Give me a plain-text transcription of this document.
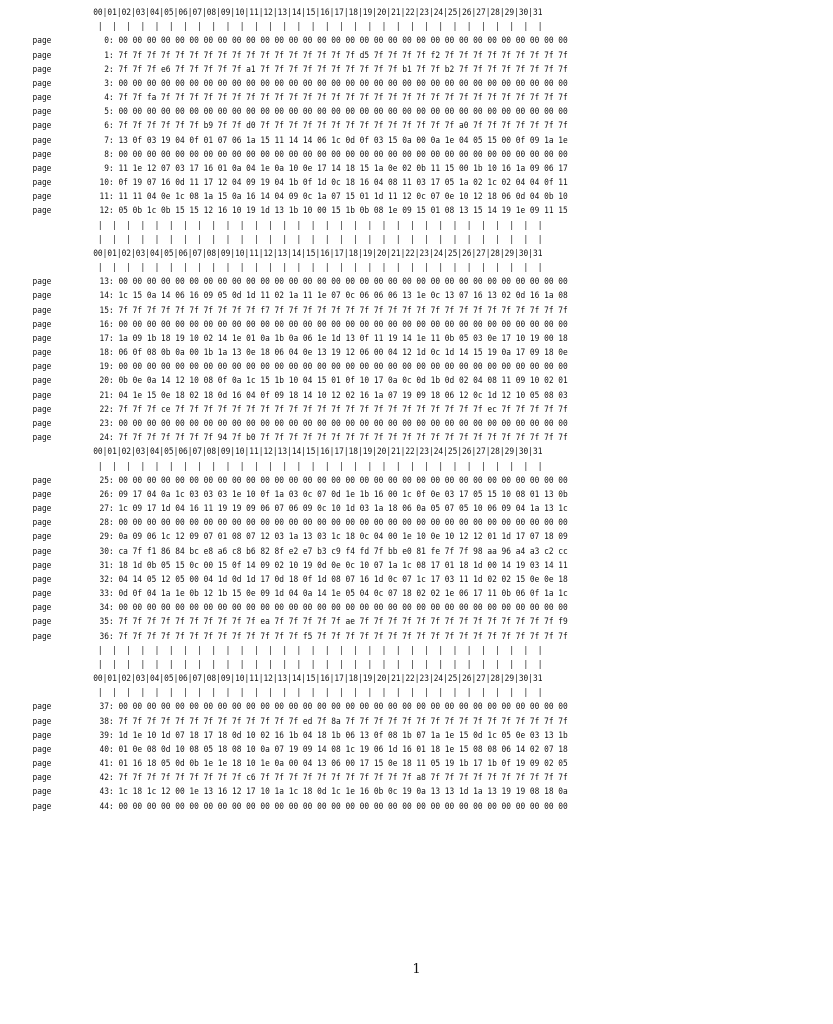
00|01|02|03|04|05|06|07|08|09|10|11|12|13|14|15|16|17|18|19|20|21|22|23|24|25|26|27|28|29|30|31
|  |  |  |  |  |  |  |  |  |  |  |  |  |  |  |  |  |  |  |  |  |  |  |  |  |  |  |  |  |  |  |
page	0: 00 00 00 00 00 00 00 00 00 00 00 00 00 00 00 00 00 00 00 00 00 00 00 00 00 00 00 00 00 00 00 00
page	1: 7f 7f 7f 7f 7f 7f 7f 7f 7f 7f 7f 7f 7f 7f 7f 7f 7f d5 7f 7f 7f 7f f2 7f 7f 7f 7f 7f 7f 7f 7f 7f
page	2: 7f 7f 7f e6 7f 7f 7f 7f 7f a1 7f 7f 7f 7f 7f 7f 7f 7f 7f 7f b1 7f 7f b2 7f 7f 7f 7f 7f 7f 7f 7f
page	3: 00 00 00 00 00 00 00 00 00 00 00 00 00 00 00 00 00 00 00 00 00 00 00 00 00 00 00 00 00 00 00 00
page	4: 7f 7f fa 7f 7f 7f 7f 7f 7f 7f 7f 7f 7f 7f 7f 7f 7f 7f 7f 7f 7f 7f 7f 7f 7f 7f 7f 7f 7f 7f 7f 7f
page	5: 00 00 00 00 00 00 00 00 00 00 00 00 00 00 00 00 00 00 00 00 00 00 00 00 00 00 00 00 00 00 00 00
page	6: 7f 7f 7f 7f 7f 7f b9 7f 7f d0 7f 7f 7f 7f 7f 7f 7f 7f 7f 7f 7f 7f 7f 7f a0 7f 7f 7f 7f 7f 7f 7f
page	7: 13 0f 03 19 04 0f 01 07 06 1a 15 11 14 14 06 1c 0d 0f 03 15 0a 00 0a 1e 04 05 15 00 0f 09 1a 1e
page	8: 00 00 00 00 00 00 00 00 00 00 00 00 00 00 00 00 00 00 00 00 00 00 00 00 00 00 00 00 00 00 00 00
page	9: 11 1e 12 07 03 17 16 01 0a 04 1e 0a 10 0e 17 14 18 15 1a 0e 02 0b 11 15 00 1b 10 16 1a 09 06 17
page	10: 0f 19 07 16 0d 11 17 12 04 09 19 04 1b 0f 1d 0c 18 16 04 08 11 03 17 05 1a 02 1c 02 04 04 0f 11
page	11: 11 11 04 0e 1c 08 1a 15 0a 16 14 04 09 0c 1a 07 15 01 1d 11 12 0c 07 0e 10 12 18 06 0d 04 0b 10
page	12: 05 0b 1c 0b 15 15 12 16 10 19 1d 13 1b 10 00 15 1b 0b 08 1e 09 15 01 08 13 15 14 19 1e 09 11 15
|  |  |  |  |  |  |  |  |  |  |  |  |  |  |  |  |  |  |  |  |  |  |  |  |  |  |  |  |  |  |  |
|  |  |  |  |  |  |  |  |  |  |  |  |  |  |  |  |  |  |  |  |  |  |  |  |  |  |  |  |  |  |  |
00|01|02|03|04|05|06|07|08|09|10|11|12|13|14|15|16|17|18|19|20|21|22|23|24|25|26|27|28|29|30|31
|  |  |  |  |  |  |  |  |  |  |  |  |  |  |  |  |  |  |  |  |  |  |  |  |  |  |  |  |  |  |  |
page	13: 00 00 00 00 00 00 00 00 00 00 00 00 00 00 00 00 00 00 00 00 00 00 00 00 00 00 00 00 00 00 00 00
page	14: 1c 15 0a 14 06 16 09 05 0d 1d 11 02 1a 11 1e 07 0c 06 06 06 13 1e 0c 13 07 16 13 02 0d 16 1a 08
page	15: 7f 7f 7f 7f 7f 7f 7f 7f 7f 7f f7 7f 7f 7f 7f 7f 7f 7f 7f 7f 7f 7f 7f 7f 7f 7f 7f 7f 7f 7f 7f 7f
page	16: 00 00 00 00 00 00 00 00 00 00 00 00 00 00 00 00 00 00 00 00 00 00 00 00 00 00 00 00 00 00 00 00
page	17: 1a 09 1b 18 19 10 02 14 1e 01 0a 1b 0a 06 1e 1d 13 0f 11 19 14 1e 11 0b 05 03 0e 17 10 19 00 18
page	18: 06 0f 08 0b 0a 00 1b 1a 13 0e 18 06 04 0e 13 19 12 06 00 04 12 1d 0c 1d 14 15 19 0a 17 09 18 0e
page	19: 00 00 00 00 00 00 00 00 00 00 00 00 00 00 00 00 00 00 00 00 00 00 00 00 00 00 00 00 00 00 00 00
page	20: 0b 0e 0a 14 12 10 08 0f 0a 1c 15 1b 10 04 15 01 0f 10 17 0a 0c 0d 1b 0d 02 04 08 11 09 10 02 01
page	21: 04 1e 15 0e 18 02 18 0d 16 04 0f 09 18 14 10 12 02 16 1a 07 19 09 18 06 12 0c 1d 12 10 05 08 03
page	22: 7f 7f 7f ce 7f 7f 7f 7f 7f 7f 7f 7f 7f 7f 7f 7f 7f 7f 7f 7f 7f 7f 7f 7f 7f 7f ec 7f 7f 7f 7f 7f
page	23: 00 00 00 00 00 00 00 00 00 00 00 00 00 00 00 00 00 00 00 00 00 00 00 00 00 00 00 00 00 00 00 00
page	24: 7f 7f 7f 7f 7f 7f 7f 94 7f b0 7f 7f 7f 7f 7f 7f 7f 7f 7f 7f 7f 7f 7f 7f 7f 7f 7f 7f 7f 7f 7f 7f
00|01|02|03|04|05|06|07|08|09|10|11|12|13|14|15|16|17|18|19|20|21|22|23|24|25|26|27|28|29|30|31
|  |  |  |  |  |  |  |  |  |  |  |  |  |  |  |  |  |  |  |  |  |  |  |  |  |  |  |  |  |  |  |
page	25: 00 00 00 00 00 00 00 00 00 00 00 00 00 00 00 00 00 00 00 00 00 00 00 00 00 00 00 00 00 00 00 00
page	26: 09 17 04 0a 1c 03 03 03 1e 10 0f 1a 03 0c 07 0d 1e 1b 16 00 1c 0f 0e 03 17 05 15 10 08 01 13 0b
page	27: 1c 09 17 1d 04 16 11 19 19 09 06 07 06 09 0c 10 1d 03 1a 18 06 0a 05 07 05 10 06 09 04 1a 13 1c
page	28: 00 00 00 00 00 00 00 00 00 00 00 00 00 00 00 00 00 00 00 00 00 00 00 00 00 00 00 00 00 00 00 00
page	29: 0a 09 06 1c 12 09 07 01 08 07 12 03 1a 13 03 1c 18 0c 04 00 1e 10 0e 10 12 12 01 1d 17 07 18 09
page	30: ca 7f f1 86 84 bc e8 a6 c8 b6 82 8f e2 e7 b3 c9 f4 fd 7f bb e0 81 fe 7f 7f 98 aa 96 a4 a3 c2 cc
page	31: 18 1d 0b 05 15 0c 00 15 0f 14 09 02 10 19 0d 0e 0c 10 07 1a 1c 08 17 01 18 1d 00 14 19 03 14 11
page	32: 04 14 05 12 05 00 04 1d 0d 1d 17 0d 18 0f 1d 08 07 16 1d 0c 07 1c 17 03 11 1d 02 02 15 0e 0e 18
page	33: 0d 0f 04 1a 1e 0b 12 1b 15 0e 09 1d 04 0a 14 1e 05 04 0c 07 18 02 02 1e 06 17 11 0b 06 0f 1a 1c
page	34: 00 00 00 00 00 00 00 00 00 00 00 00 00 00 00 00 00 00 00 00 00 00 00 00 00 00 00 00 00 00 00 00
page	35: 7f 7f 7f 7f 7f 7f 7f 7f 7f 7f ea 7f 7f 7f 7f 7f ae 7f 7f 7f 7f 7f 7f 7f 7f 7f 7f 7f 7f 7f 7f f9
page	36: 7f 7f 7f 7f 7f 7f 7f 7f 7f 7f 7f 7f 7f f5 7f 7f 7f 7f 7f 7f 7f 7f 7f 7f 7f 7f 7f 7f 7f 7f 7f 7f
|  |  |  |  |  |  |  |  |  |  |  |  |  |  |  |  |  |  |  |  |  |  |  |  |  |  |  |  |  |  |  |
|  |  |  |  |  |  |  |  |  |  |  |  |  |  |  |  |  |  |  |  |  |  |  |  |  |  |  |  |  |  |  |
00|01|02|03|04|05|06|07|08|09|10|11|12|13|14|15|16|17|18|19|20|21|22|23|24|25|26|27|28|29|30|31
|  |  |  |  |  |  |  |  |  |  |  |  |  |  |  |  |  |  |  |  |  |  |  |  |  |  |  |  |  |  |  |
page	37: 00 00 00 00 00 00 00 00 00 00 00 00 00 00 00 00 00 00 00 00 00 00 00 00 00 00 00 00 00 00 00 00
page	38: 7f 7f 7f 7f 7f 7f 7f 7f 7f 7f 7f 7f 7f ed 7f 8a 7f 7f 7f 7f 7f 7f 7f 7f 7f 7f 7f 7f 7f 7f 7f 7f
page	39: 1d 1e 10 1d 07 18 17 18 0d 10 02 16 1b 04 18 1b 06 13 0f 08 1b 07 1a 1e 15 0d 1c 05 0e 03 13 1b
page	40: 01 0e 08 0d 10 08 05 18 08 10 0a 07 19 09 14 08 1c 19 06 1d 16 01 18 1e 15 08 08 06 14 02 07 18
page	41: 01 16 18 05 0d 0b 1e 1e 18 10 1e 0a 00 04 13 06 00 17 15 0e 18 11 05 19 1b 17 1b 0f 19 09 02 05
page	42: 7f 7f 7f 7f 7f 7f 7f 7f 7f c6 7f 7f 7f 7f 7f 7f 7f 7f 7f 7f 7f a8 7f 7f 7f 7f 7f 7f 7f 7f 7f 7f
page	43: 1c 18 1c 12 00 1e 13 16 12 17 10 1a 1c 18 0d 1c 1e 16 0b 0c 19 0a 13 13 1d 1a 13 19 19 08 18 0a
page	44: 00 00 00 00 00 00 00 00 00 00 00 00 00 00 00 00 00 00 00 00 00 00 00 00 00 00 00 00 00 00 00 00
1
